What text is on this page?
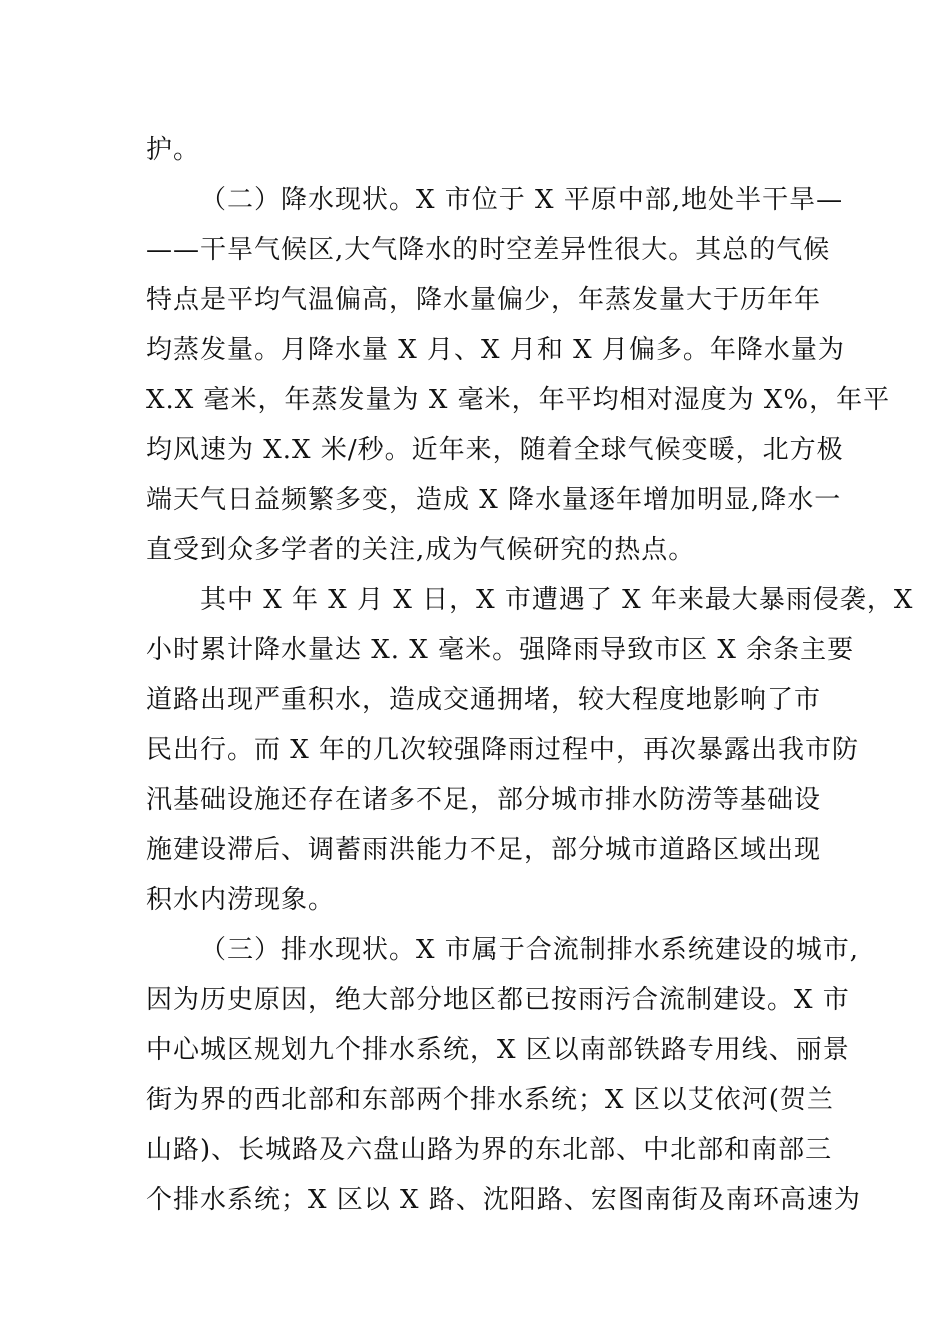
护。
（二）降水现状。X 市位于 X 平原中部,地处半干旱—
——干旱气候区,大气降水的时空差异性很大。其总的气候
特点是平均气温偏高，降水量偏少，年蒸发量大于历年年
均蒸发量。月降水量 X 月、X 月和 X 月偏多。年降水量为
X.X 毫米，年蒸发量为 X 毫米，年平均相对湿度为 X%，年平
均风速为 X.X 米/秒。近年来，随着全球气候变暖，北方极
端天气日益频繁多变，造成 X 降水量逐年增加明显,降水一
直受到众多学者的关注,成为气候研究的热点。
其中 X 年 X 月 X 日，X 市遭遇了 X 年来最大暴雨侵袭，X
小时累计降水量达 X. X 毫米。强降雨导致市区 X 余条主要
道路出现严重积水，造成交通拥堵，较大程度地影响了市
民出行。而 X 年的几次较强降雨过程中，再次暴露出我市防
汛基础设施还存在诸多不足，部分城市排水防涝等基础设
施建设滞后、调蓄雨洪能力不足，部分城市道路区域出现
积水内涝现象。
（三）排水现状。X 市属于合流制排水系统建设的城市,
因为历史原因，绝大部分地区都已按雨污合流制建设。X 市
中心城区规划九个排水系统，X 区以南部铁路专用线、丽景
街为界的西北部和东部两个排水系统；X 区以艾依河(贺兰
山路)、长城路及六盘山路为界的东北部、中北部和南部三
个排水系统；X 区以 X 路、沈阳路、宏图南街及南环高速为
